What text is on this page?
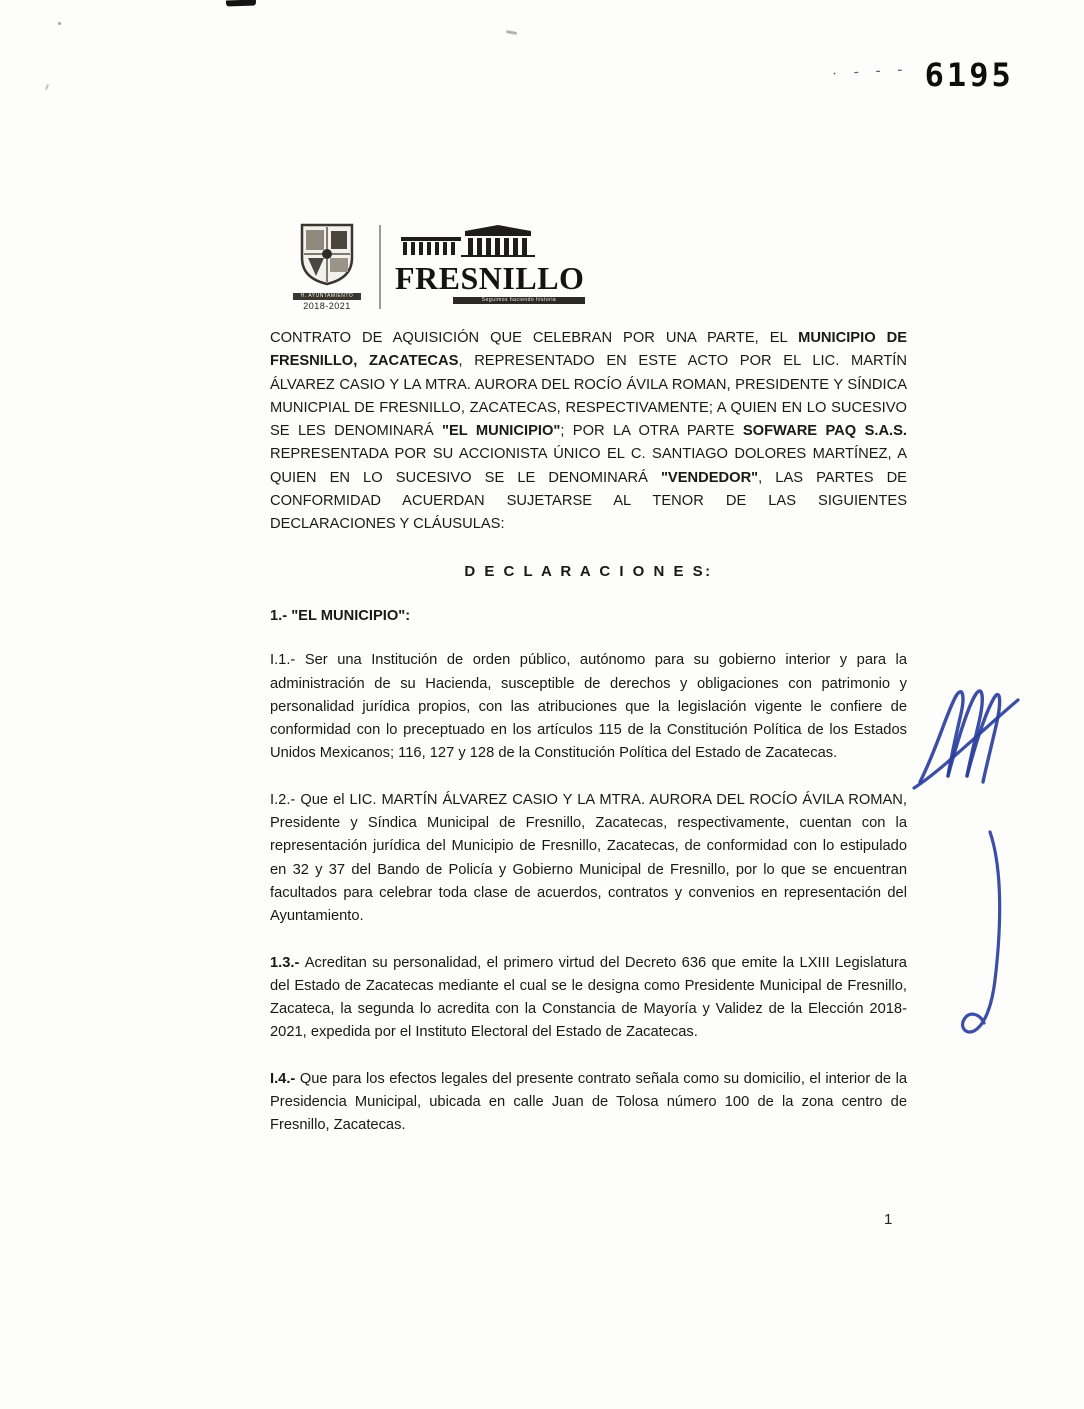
· - - - 6195
H. AYUNTAMIENTO
2018-2021
FRESNILLO
Seguimos haciendo historia

CONTRATO DE AQUISICIÓN QUE CELEBRAN POR UNA PARTE, EL MUNICIPIO DE FRESNILLO, ZACATECAS, REPRESENTADO EN ESTE ACTO POR EL LIC. MARTÍN ÁLVAREZ CASIO Y LA MTRA. AURORA DEL ROCÍO ÁVILA ROMAN, PRESIDENTE Y SÍNDICA MUNICPIAL DE FRESNILLO, ZACATECAS, RESPECTIVAMENTE; A QUIEN EN LO SUCESIVO SE LES DENOMINARÁ "EL MUNICIPIO"; POR LA OTRA PARTE SOFWARE PAQ S.A.S. REPRESENTADA POR SU ACCIONISTA ÚNICO EL C. SANTIAGO DOLORES MARTÍNEZ, A QUIEN EN LO SUCESIVO SE LE DENOMINARÁ "VENDEDOR", LAS PARTES DE CONFORMIDAD ACUERDAN SUJETARSE AL TENOR DE LAS SIGUIENTES DECLARACIONES Y CLÁUSULAS:

D E C L A R A C I O N E S:
1.- "EL MUNICIPIO":

I.1.- Ser una Institución de orden público, autónomo para su gobierno interior y para la administración de su Hacienda, susceptible de derechos y obligaciones con patrimonio y personalidad jurídica propios, con las atribuciones que la legislación vigente le confiere de conformidad con lo preceptuado en los artículos 115 de la Constitución Política de los Estados Unidos Mexicanos; 116, 127 y 128 de la Constitución Política del Estado de Zacatecas.

I.2.- Que el LIC. MARTÍN ÁLVAREZ CASIO Y LA MTRA. AURORA DEL ROCÍO ÁVILA ROMAN, Presidente y Síndica Municipal de Fresnillo, Zacatecas, respectivamente, cuentan con la representación jurídica del Municipio de Fresnillo, Zacatecas, de conformidad con lo estipulado en 32 y 37 del Bando de Policía y Gobierno Municipal de Fresnillo, por lo que se encuentran facultados para celebrar toda clase de acuerdos, contratos y convenios en representación del Ayuntamiento.

1.3.- Acreditan su personalidad, el primero virtud del Decreto 636 que emite la LXIII Legislatura del Estado de Zacatecas mediante el cual se le designa como Presidente Municipal de Fresnillo, Zacateca, la segunda lo acredita con la Constancia de Mayoría y Validez de la Elección 2018-2021, expedida por el Instituto Electoral del Estado de Zacatecas.

I.4.- Que para los efectos legales del presente contrato señala como su domicilio, el interior de la Presidencia Municipal, ubicada en calle Juan de Tolosa número 100 de la zona centro de Fresnillo, Zacatecas.

1
